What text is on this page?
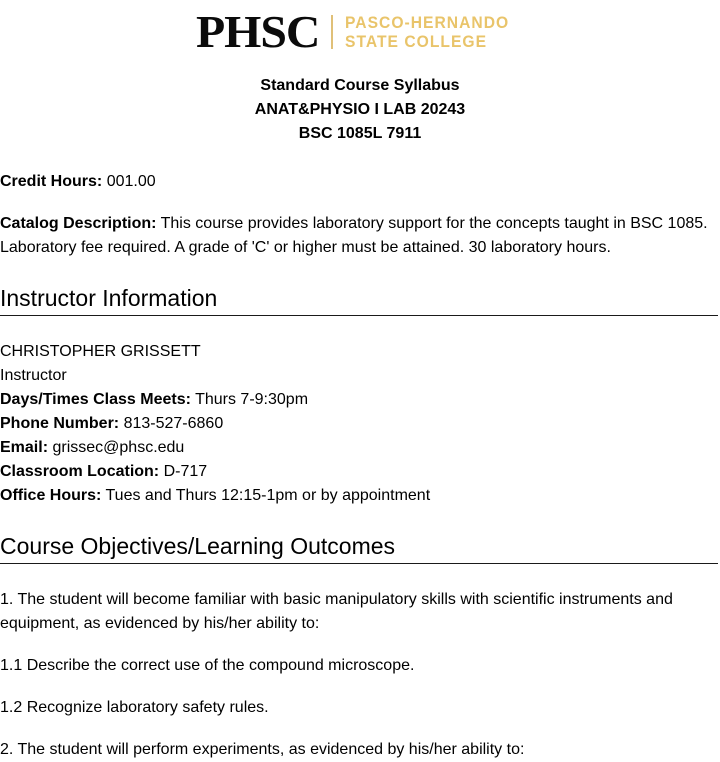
PHSC PASCO-HERNANDO
STATE COLLEGE
Standard Course Syllabus
ANAT&PHYSIO I LAB 20243
BSC 1085L 7911

Credit Hours: 001.00

Catalog Description: This course provides laboratory support for the concepts taught in BSC 1085. Laboratory fee required. A grade of 'C' or higher must be attained. 30 laboratory hours.

Instructor Information

CHRISTOPHER GRISSETT

Instructor

Days/Times Class Meets: Thurs 7-9:30pm

Phone Number: 813-527-6860

Email: grissec@phsc.edu

Classroom Location: D-717

Office Hours: Tues and Thurs 12:15-1pm or by appointment

Course Objectives/Learning Outcomes

1. The student will become familiar with basic manipulatory skills with scientific instruments and equipment, as evidenced by his/her ability to:

1.1 Describe the correct use of the compound microscope.

1.2 Recognize laboratory safety rules.

2. The student will perform experiments, as evidenced by his/her ability to:
